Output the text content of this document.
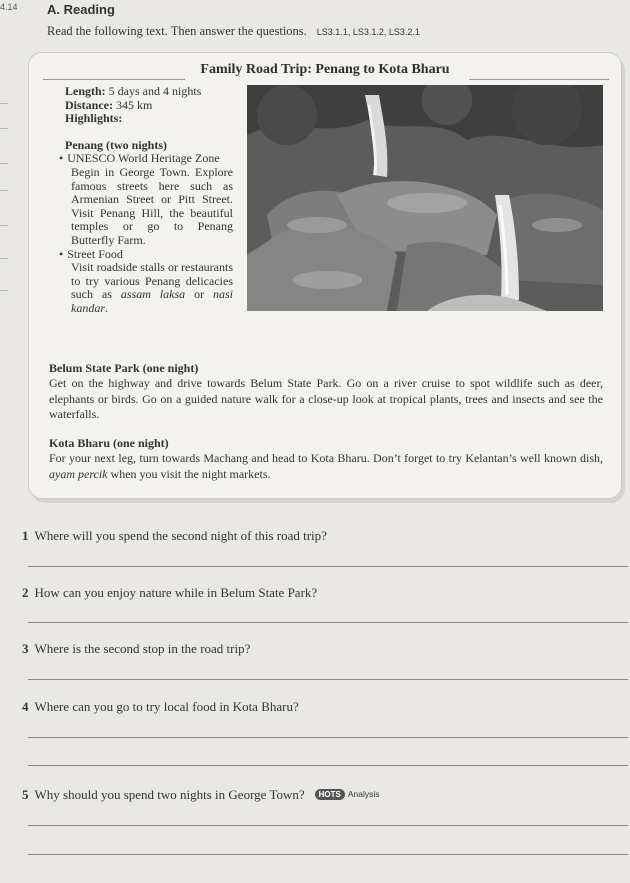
4.14 A. Reading
Read the following text. Then answer the questions. LS3.1.1, LS3.1.2, LS3.2.1
Family Road Trip: Penang to Kota Bharu
Length: 5 days and 4 nights
Distance: 345 km
Highlights:
Penang (two nights)

• UNESCO World Heritage Zone

Begin in George Town. Explore famous streets here such as Armenian Street or Pitt Street. Visit Penang Hill, the beautiful temples or go to Penang Butterfly Farm.

• Street Food

Visit roadside stalls or restaurants to try various Penang delicacies such as assam laksa or nasi kandar.

Belum State Park (one night)

Get on the highway and drive towards Belum State Park. Go on a river cruise to spot wildlife such as deer, elephants or birds. Go on a guided nature walk for a close-up look at tropical plants, trees and insects and see the waterfalls.

Kota Bharu (one night)

For your next leg, turn towards Machang and head to Kota Bharu. Don’t forget to try Kelantan’s well known dish, ayam percik when you visit the night markets.

1 Where will you spend the second night of this road trip?
2 How can you enjoy nature while in Belum State Park?
3 Where is the second stop in the road trip?
4 Where can you go to try local food in Kota Bharu?
5 Why should you spend two nights in George Town? HOTS Analysis
